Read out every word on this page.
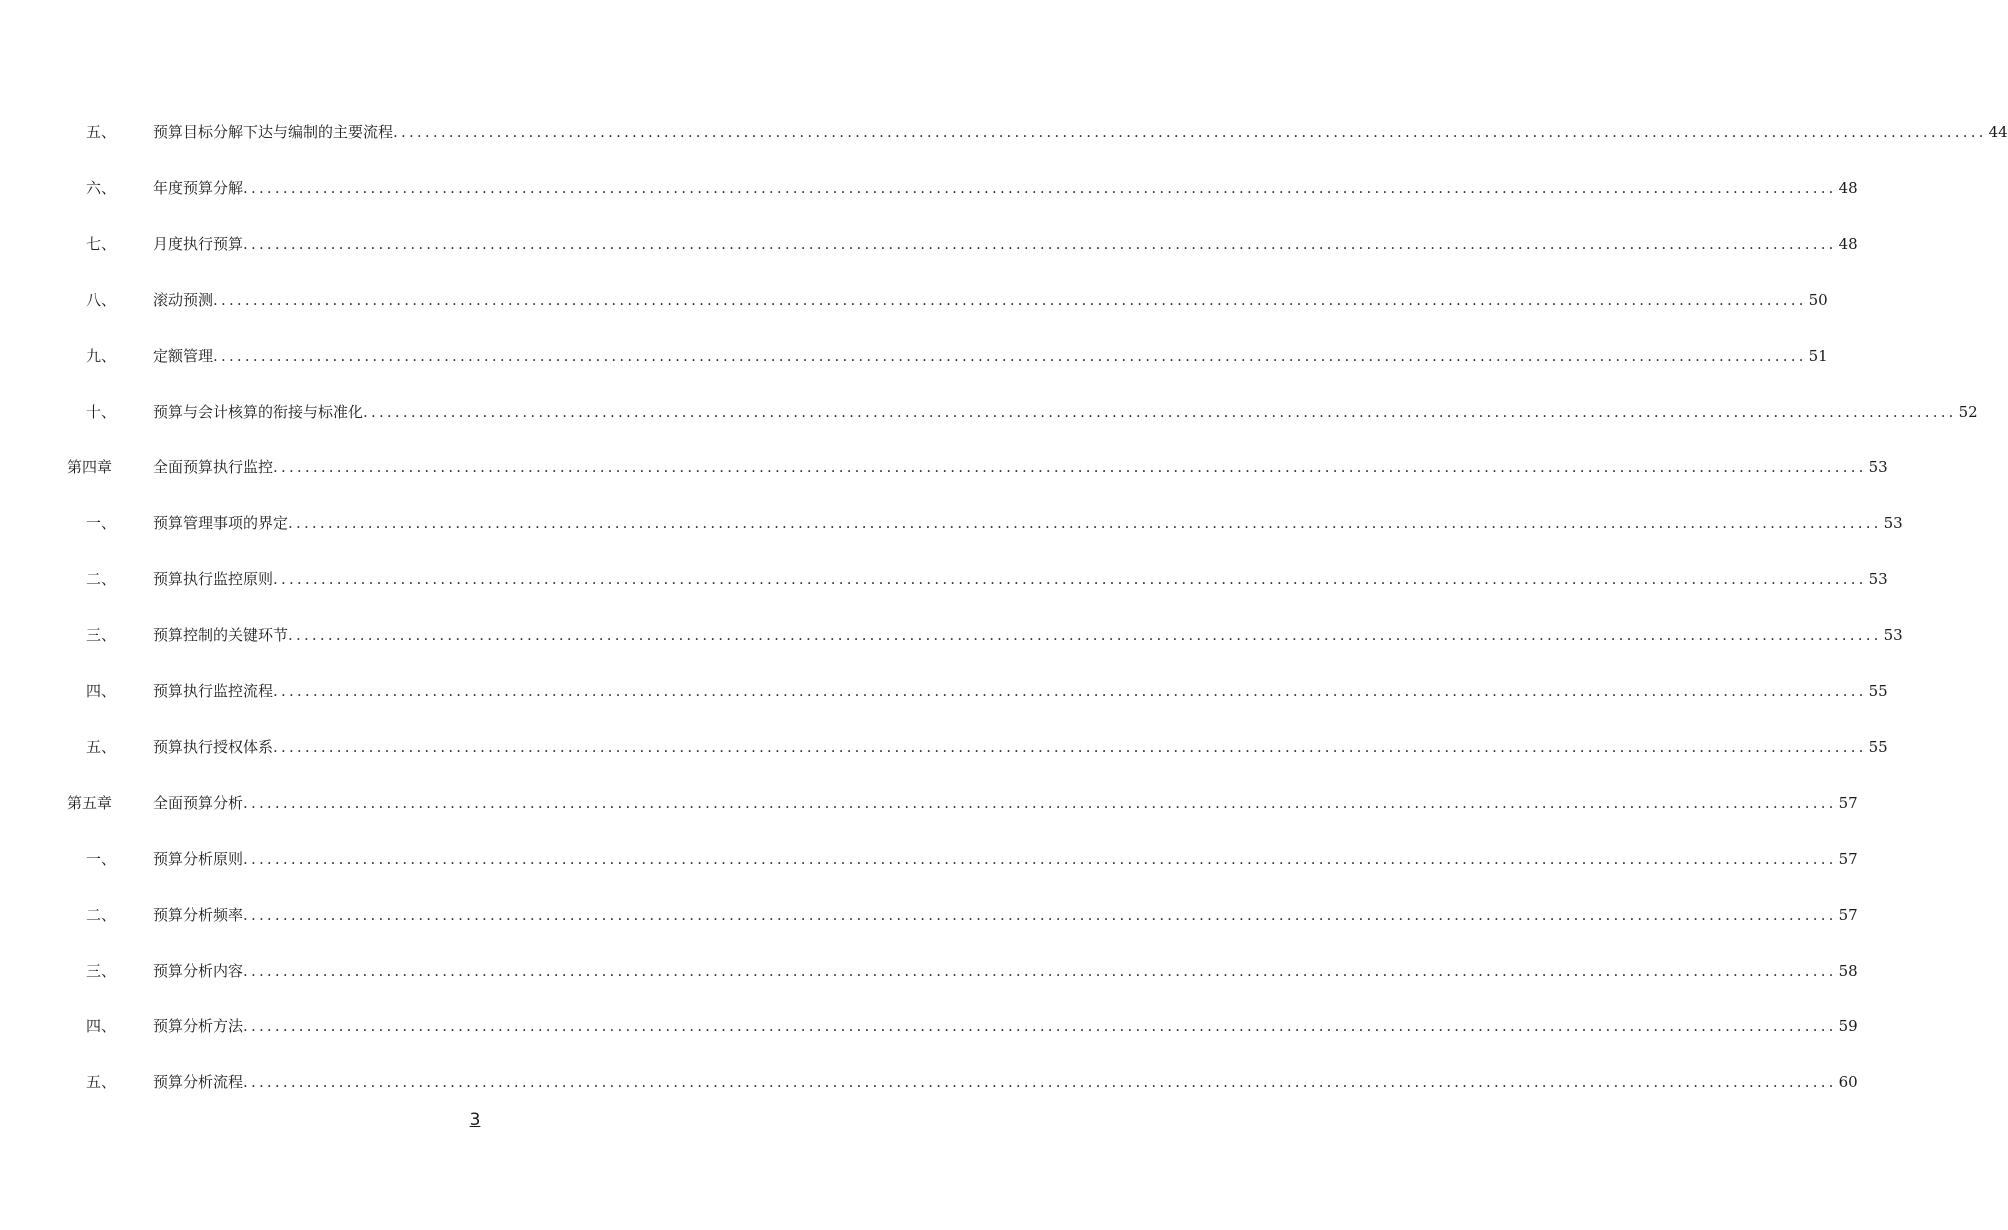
五、 预算目标分解下达与编制的主要流程 ........................................................................................................................................................................................................ 44
六、 年度预算分解 ........................................................................................................................................................................................................ 48
七、 月度执行预算 ........................................................................................................................................................................................................ 48
八、 滚动预测 ........................................................................................................................................................................................................ 50
九、 定额管理 ........................................................................................................................................................................................................ 51
十、 预算与会计核算的衔接与标准化 ........................................................................................................................................................................................................ 52
第四章	全面预算执行监控 ........................................................................................................................................................................................................ 53
一、 预算管理事项的界定 ........................................................................................................................................................................................................ 53
二、 预算执行监控原则 ........................................................................................................................................................................................................ 53
三、 预算控制的关键环节 ........................................................................................................................................................................................................ 53
四、 预算执行监控流程 ........................................................................................................................................................................................................ 55
五、 预算执行授权体系 ........................................................................................................................................................................................................ 55
第五章	全面预算分析 ........................................................................................................................................................................................................ 57
一、 预算分析原则 ........................................................................................................................................................................................................ 57
二、 预算分析频率 ........................................................................................................................................................................................................ 57
三、 预算分析内容 ........................................................................................................................................................................................................ 58
四、 预算分析方法 ........................................................................................................................................................................................................ 59
五、 预算分析流程 ........................................................................................................................................................................................................ 60
3
